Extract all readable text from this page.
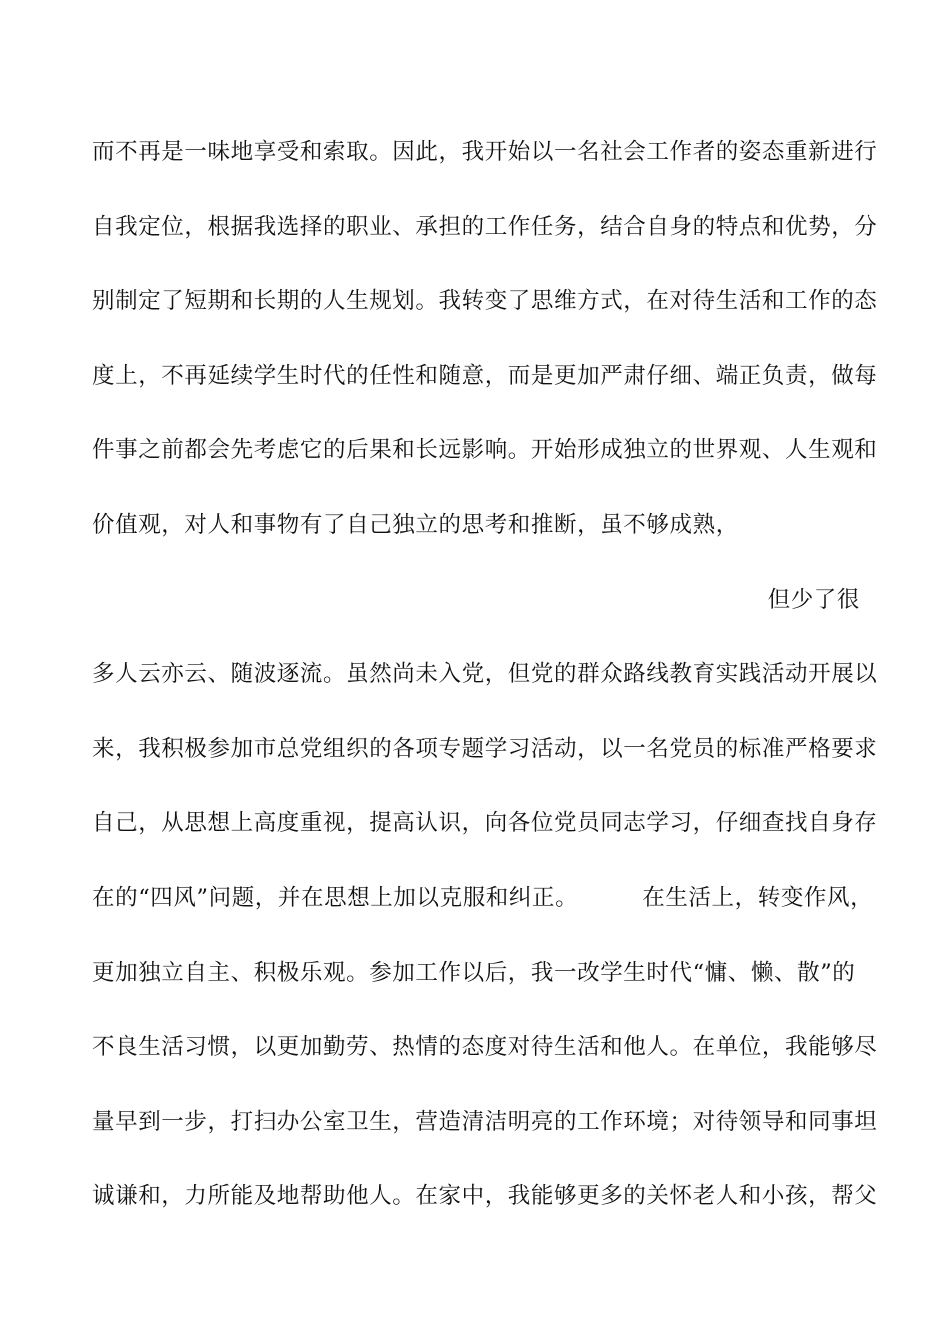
而不再是一味地享受和索取。因此，我开始以一名社会工作者的姿态重新进行
自我定位，根据我选择的职业、承担的工作任务，结合自身的特点和优势，分
别制定了短期和长期的人生规划。我转变了思维方式，在对待生活和工作的态
度上，不再延续学生时代的任性和随意，而是更加严肃仔细、端正负责，做每
件事之前都会先考虑它的后果和长远影响。开始形成独立的世界观、人生观和
价值观，对人和事物有了自己独立的思考和推断，虽不够成熟，
但少了很
多人云亦云、随波逐流。虽然尚未入党，但党的群众路线教育实践活动开展以
来，我积极参加市总党组织的各项专题学习活动，以一名党员的标准严格要求
自己，从思想上高度重视，提高认识，向各位党员同志学习，仔细查找自身存
在的“四风”问题，并在思想上加以克服和纠正。	在生活上，转变作风，
更加独立自主、积极乐观。参加工作以后，我一改学生时代“慵、懒、散”的
不良生活习惯，以更加勤劳、热情的态度对待生活和他人。在单位，我能够尽
量早到一步，打扫办公室卫生，营造清洁明亮的工作环境；对待领导和同事坦
诚谦和，力所能及地帮助他人。在家中，我能够更多的关怀老人和小孩，帮父
